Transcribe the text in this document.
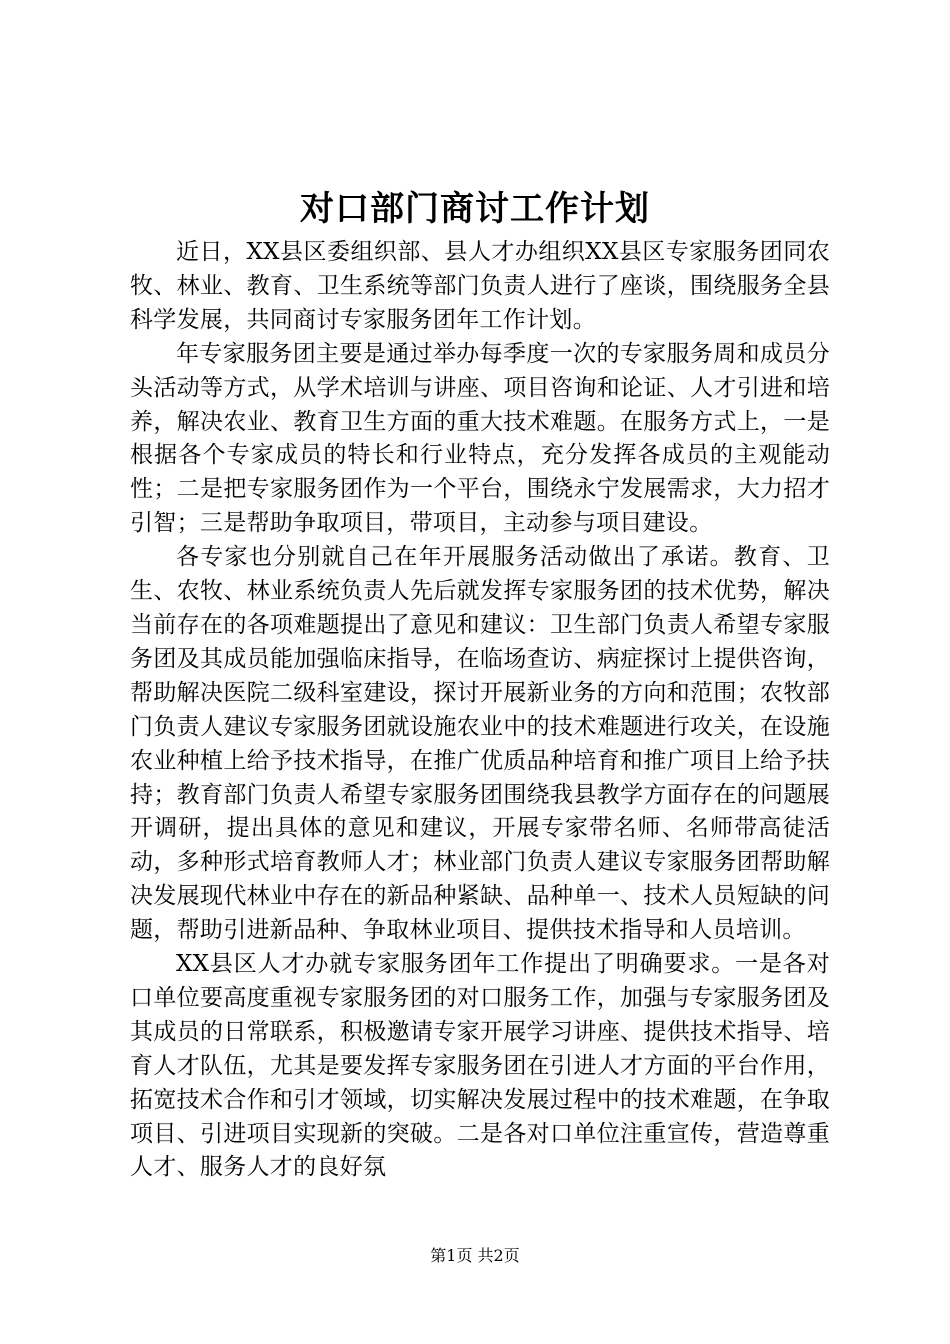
对口部门商讨工作计划

近日，XX县区委组织部、县人才办组织XX县区专家服务团同农牧、林业、教育、卫生系统等部门负责人进行了座谈，围绕服务全县科学发展，共同商讨专家服务团年工作计划。

年专家服务团主要是通过举办每季度一次的专家服务周和成员分头活动等方式，从学术培训与讲座、项目咨询和论证、人才引进和培养，解决农业、教育卫生方面的重大技术难题。在服务方式上，一是根据各个专家成员的特长和行业特点，充分发挥各成员的主观能动性；二是把专家服务团作为一个平台，围绕永宁发展需求，大力招才引智；三是帮助争取项目，带项目，主动参与项目建设。

各专家也分别就自己在年开展服务活动做出了承诺。教育、卫生、农牧、林业系统负责人先后就发挥专家服务团的技术优势，解决当前存在的各项难题提出了意见和建议：卫生部门负责人希望专家服务团及其成员能加强临床指导，在临场查访、病症探讨上提供咨询，帮助解决医院二级科室建设，探讨开展新业务的方向和范围；农牧部门负责人建议专家服务团就设施农业中的技术难题进行攻关，在设施农业种植上给予技术指导，在推广优质品种培育和推广项目上给予扶持；教育部门负责人希望专家服务团围绕我县教学方面存在的问题展开调研，提出具体的意见和建议，开展专家带名师、名师带高徒活动，多种形式培育教师人才；林业部门负责人建议专家服务团帮助解决发展现代林业中存在的新品种紧缺、品种单一、技术人员短缺的问题，帮助引进新品种、争取林业项目、提供技术指导和人员培训。

XX县区人才办就专家服务团年工作提出了明确要求。一是各对口单位要高度重视专家服务团的对口服务工作，加强与专家服务团及其成员的日常联系，积极邀请专家开展学习讲座、提供技术指导、培育人才队伍，尤其是要发挥专家服务团在引进人才方面的平台作用，拓宽技术合作和引才领域，切实解决发展过程中的技术难题，在争取项目、引进项目实现新的突破。二是各对口单位注重宣传，营造尊重人才、服务人才的良好氛

第1页 共2页
